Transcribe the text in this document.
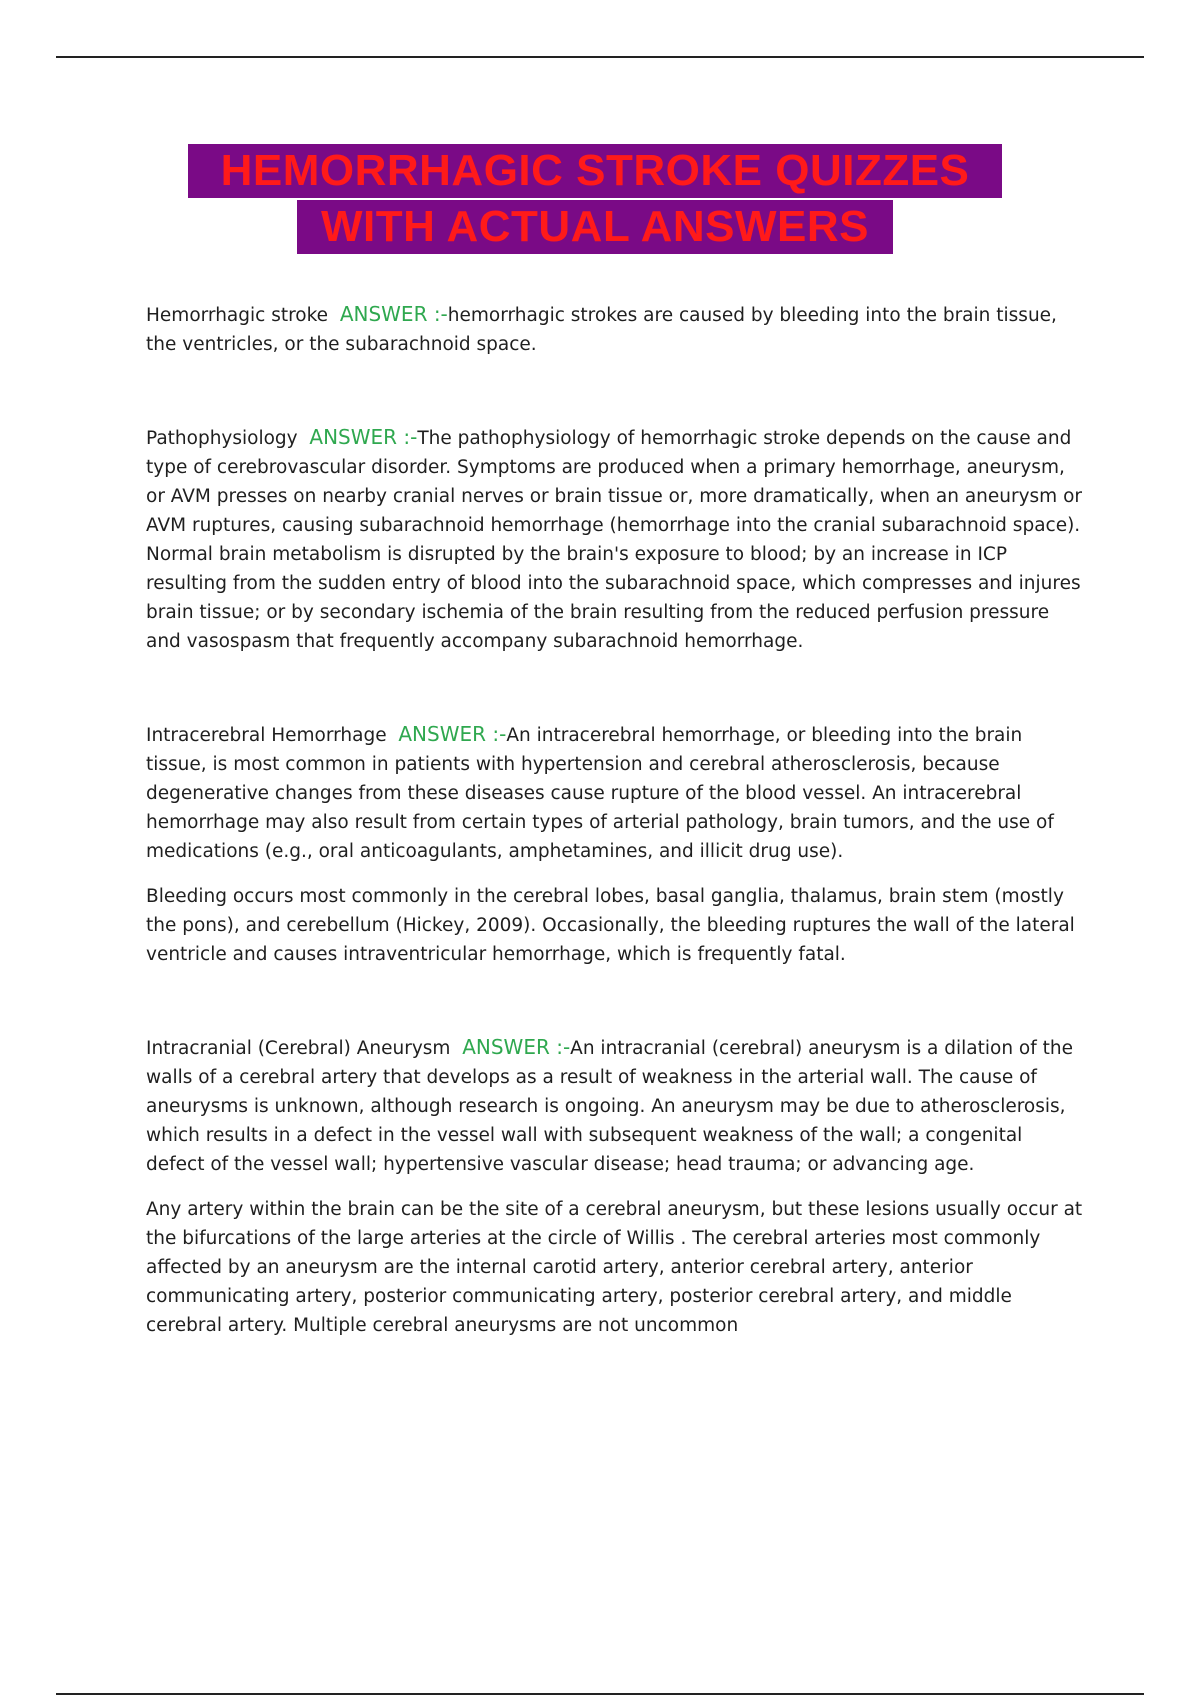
HEMORRHAGIC STROKE QUIZZES
WITH ACTUAL ANSWERS

Hemorrhagic stroke ANSWER :-hemorrhagic strokes are caused by bleeding into the brain tissue, the ventricles, or the subarachnoid space.

Pathophysiology ANSWER :-The pathophysiology of hemorrhagic stroke depends on the cause and type of cerebrovascular disorder. Symptoms are produced when a primary hemorrhage, aneurysm, or AVM presses on nearby cranial nerves or brain tissue or, more dramatically, when an aneurysm or AVM ruptures, causing subarachnoid hemorrhage (hemorrhage into the cranial subarachnoid space). Normal brain metabolism is disrupted by the brain's exposure to blood; by an increase in ICP resulting from the sudden entry of blood into the subarachnoid space, which compresses and injures brain tissue; or by secondary ischemia of the brain resulting from the reduced perfusion pressure and vasospasm that frequently accompany subarachnoid hemorrhage.

Intracerebral Hemorrhage ANSWER :-An intracerebral hemorrhage, or bleeding into the brain tissue, is most common in patients with hypertension and cerebral atherosclerosis, because degenerative changes from these diseases cause rupture of the blood vessel. An intracerebral hemorrhage may also result from certain types of arterial pathology, brain tumors, and the use of medications (e.g., oral anticoagulants, amphetamines, and illicit drug use).

Bleeding occurs most commonly in the cerebral lobes, basal ganglia, thalamus, brain stem (mostly the pons), and cerebellum (Hickey, 2009). Occasionally, the bleeding ruptures the wall of the lateral ventricle and causes intraventricular hemorrhage, which is frequently fatal.

Intracranial (Cerebral) Aneurysm ANSWER :-An intracranial (cerebral) aneurysm is a dilation of the walls of a cerebral artery that develops as a result of weakness in the arterial wall. The cause of aneurysms is unknown, although research is ongoing. An aneurysm may be due to atherosclerosis, which results in a defect in the vessel wall with subsequent weakness of the wall; a congenital defect of the vessel wall; hypertensive vascular disease; head trauma; or advancing age.

Any artery within the brain can be the site of a cerebral aneurysm, but these lesions usually occur at the bifurcations of the large arteries at the circle of Willis . The cerebral arteries most commonly affected by an aneurysm are the internal carotid artery, anterior cerebral artery, anterior communicating artery, posterior communicating artery, posterior cerebral artery, and middle cerebral artery. Multiple cerebral aneurysms are not uncommon
